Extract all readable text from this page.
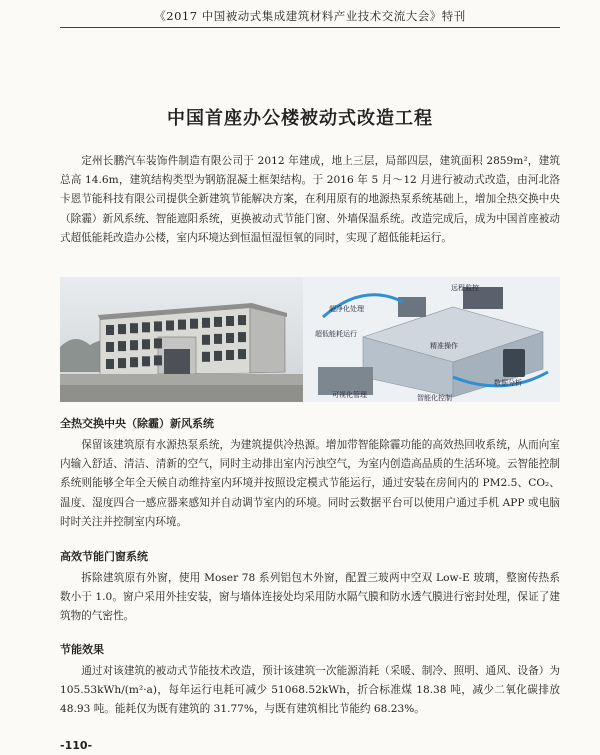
《2017 中国被动式集成建筑材料产业技术交流大会》特刊
中国首座办公楼被动式改造工程

定州长鹏汽车装饰件制造有限公司于 2012 年建成，地上三层，局部四层，建筑面积 2859m²，建筑总高 14.6m，建筑结构类型为钢筋混凝土框架结构。于 2016 年 5 月～12 月进行被动式改造，由河北洛卡恩节能科技有限公司提供全新建筑节能解决方案，在利用原有的地源热泵系统基础上，增加全热交换中央（除霾）新风系统、智能遮阳系统，更换被动式节能门窗、外墙保温系统。改造完成后，成为中国首座被动式超低能耗改造办公楼，室内环境达到恒温恒湿恒氧的同时，实现了超低能耗运行。

超净化处理
远程监控
超低能耗运行
精准操作
数据分析
可视化管理	智能化控制
全热交换中央（除霾）新风系统

保留该建筑原有水源热泵系统，为建筑提供冷热源。增加带智能除霾功能的高效热回收系统，从而向室内输入舒适、清洁、清新的空气，同时主动排出室内污浊空气，为室内创造高品质的生活环境。云智能控制系统则能够全年全天候自动维持室内环境并按照设定模式节能运行，通过安装在房间内的 PM2.5、CO₂、温度、湿度四合一感应器来感知并自动调节室内的环境。同时云数据平台可以使用户通过手机 APP 或电脑时时关注并控制室内环境。

高效节能门窗系统

拆除建筑原有外窗，使用 Moser 78 系列铝包木外窗，配置三玻两中空双 Low-E 玻璃，整窗传热系数小于 1.0。窗户采用外挂安装，窗与墙体连接处均采用防水隔气膜和防水透气膜进行密封处理，保证了建筑物的气密性。

节能效果

通过对该建筑的被动式节能技术改造，预计该建筑一次能源消耗（采暖、制冷、照明、通风、设备）为 105.53kWh/(m²·a)，每年运行电耗可减少 51068.52kWh，折合标准煤 18.38 吨，减少二氧化碳排放 48.93 吨。能耗仅为既有建筑的 31.77%，与既有建筑相比节能约 68.23%。

-110-
